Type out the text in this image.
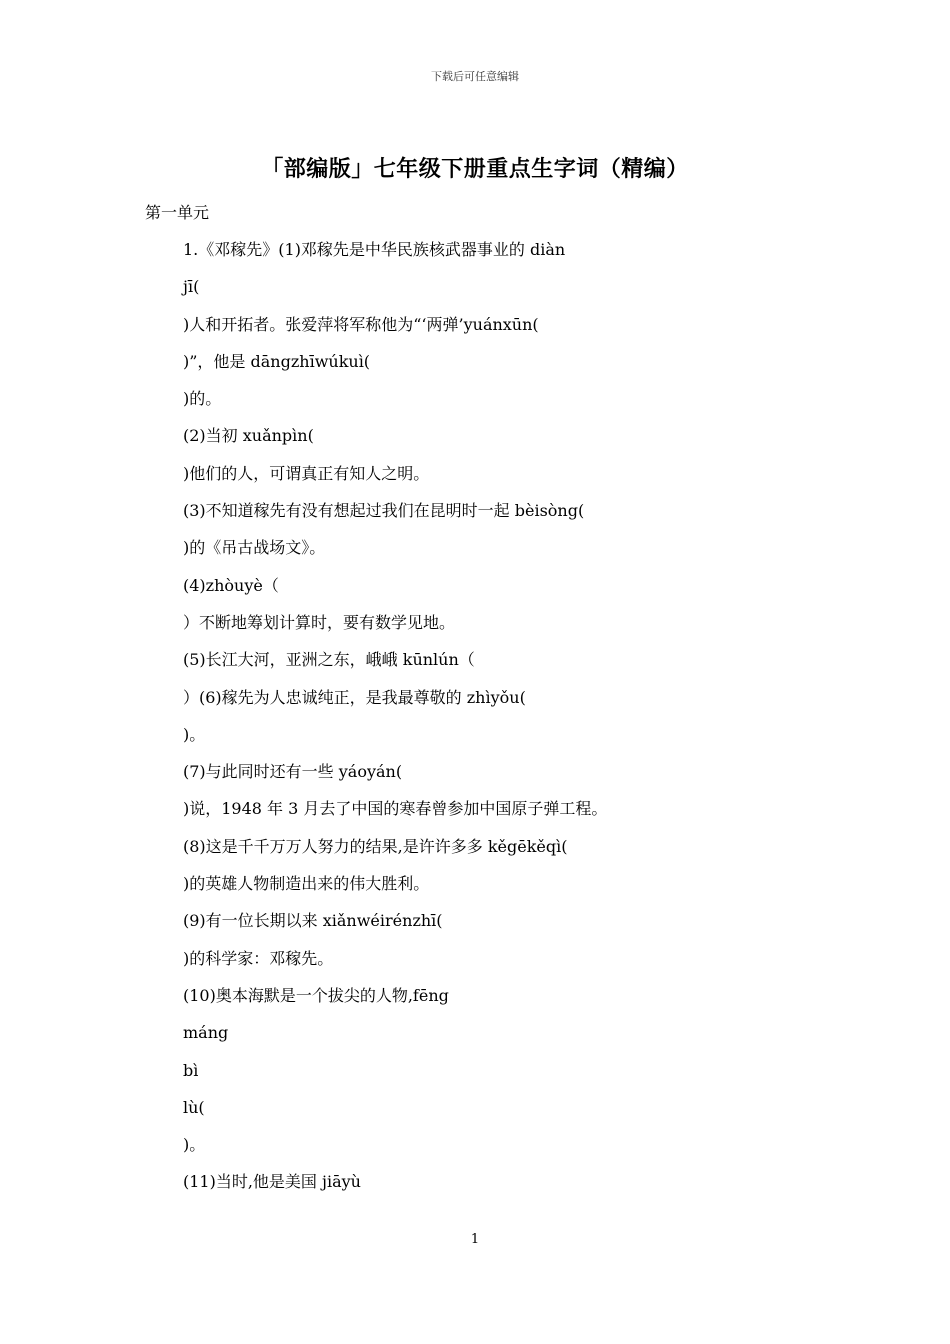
下载后可任意编辑
「部编版」七年级下册重点生字词（精编）
第一单元
1.《邓稼先》(1)邓稼先是中华民族核武器事业的 diàn
jī(
)人和开拓者。张爱萍将军称他为“‘两弹’yuánxūn(
)”，他是 dāngzhīwúkuì(
)的。
(2)当初 xuǎnpìn(
)他们的人，可谓真正有知人之明。
(3)不知道稼先有没有想起过我们在昆明时一起 bèisòng(
)的《吊古战场文》。
(4)zhòuyè（
）不断地筹划计算时，要有数学见地。
(5)长江大河，亚洲之东，峨峨 kūnlún（
）(6)稼先为人忠诚纯正，是我最尊敬的 zhìyǒu(
)。
(7)与此同时还有一些 yáoyán(
)说，1948 年 3 月去了中国的寒春曾参加中国原子弹工程。
(8)这是千千万万人努力的结果,是许许多多 kěgēkěqì(
)的英雄人物制造出来的伟大胜利。
(9)有一位长期以来 xiǎnwéirénzhī(
)的科学家：邓稼先。
(10)奥本海默是一个拔尖的人物,fēng
máng
bì
lù(
)。
(11)当时,他是美国 jiāyù
1
